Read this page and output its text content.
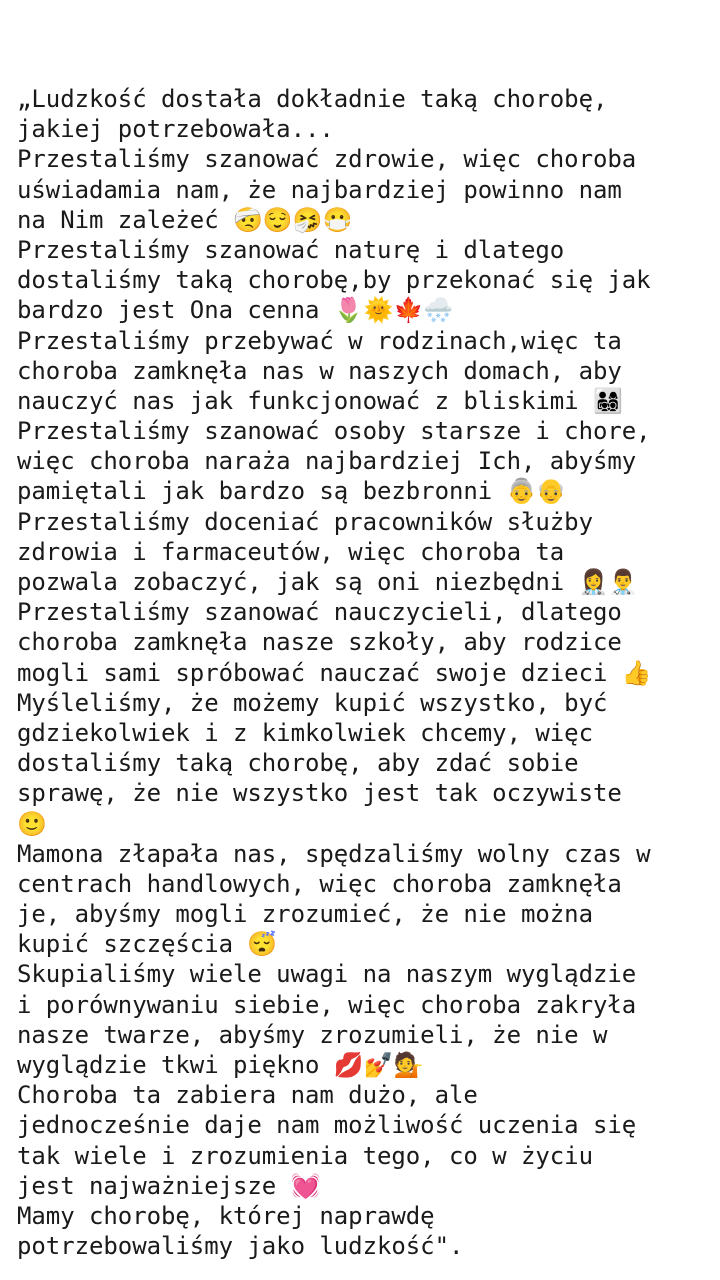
„Ludzkość dostała dokładnie taką chorobę,
jakiej potrzebowała...
Przestaliśmy szanować zdrowie, więc choroba
uświadamia nam, że najbardziej powinno nam
na Nim zależeć 🤕😌🤧😷
Przestaliśmy szanować naturę i dlatego
dostaliśmy taką chorobę,by przekonać się jak
bardzo jest Ona cenna 🌷🌞🍁🌨️
Przestaliśmy przebywać w rodzinach,więc ta
choroba zamknęła nas w naszych domach, aby
nauczyć nas jak funkcjonować z bliskimi 👨‍👩‍👧‍👦
Przestaliśmy szanować osoby starsze i chore,
więc choroba naraża najbardziej Ich, abyśmy
pamiętali jak bardzo są bezbronni 👵👴
Przestaliśmy doceniać pracowników służby
zdrowia i farmaceutów, więc choroba ta
pozwala zobaczyć, jak są oni niezbędni 👩‍⚕️👨‍⚕️
Przestaliśmy szanować nauczycieli, dlatego
choroba zamknęła nasze szkoły, aby rodzice
mogli sami spróbować nauczać swoje dzieci 👍
Myśleliśmy, że możemy kupić wszystko, być
gdziekolwiek i z kimkolwiek chcemy, więc
dostaliśmy taką chorobę, aby zdać sobie
sprawę, że nie wszystko jest tak oczywiste
🙂
Mamona złapała nas, spędzaliśmy wolny czas w
centrach handlowych, więc choroba zamknęła
je, abyśmy mogli zrozumieć, że nie można
kupić szczęścia 😴
Skupialiśmy wiele uwagi na naszym wyglądzie
i porównywaniu siebie, więc choroba zakryła
nasze twarze, abyśmy zrozumieli, że nie w
wyglądzie tkwi piękno 💋💅💁
Choroba ta zabiera nam dużo, ale
jednocześnie daje nam możliwość uczenia się
tak wiele i zrozumienia tego, co w życiu
jest najważniejsze 💓
Mamy chorobę, której naprawdę
potrzebowaliśmy jako ludzkość".
